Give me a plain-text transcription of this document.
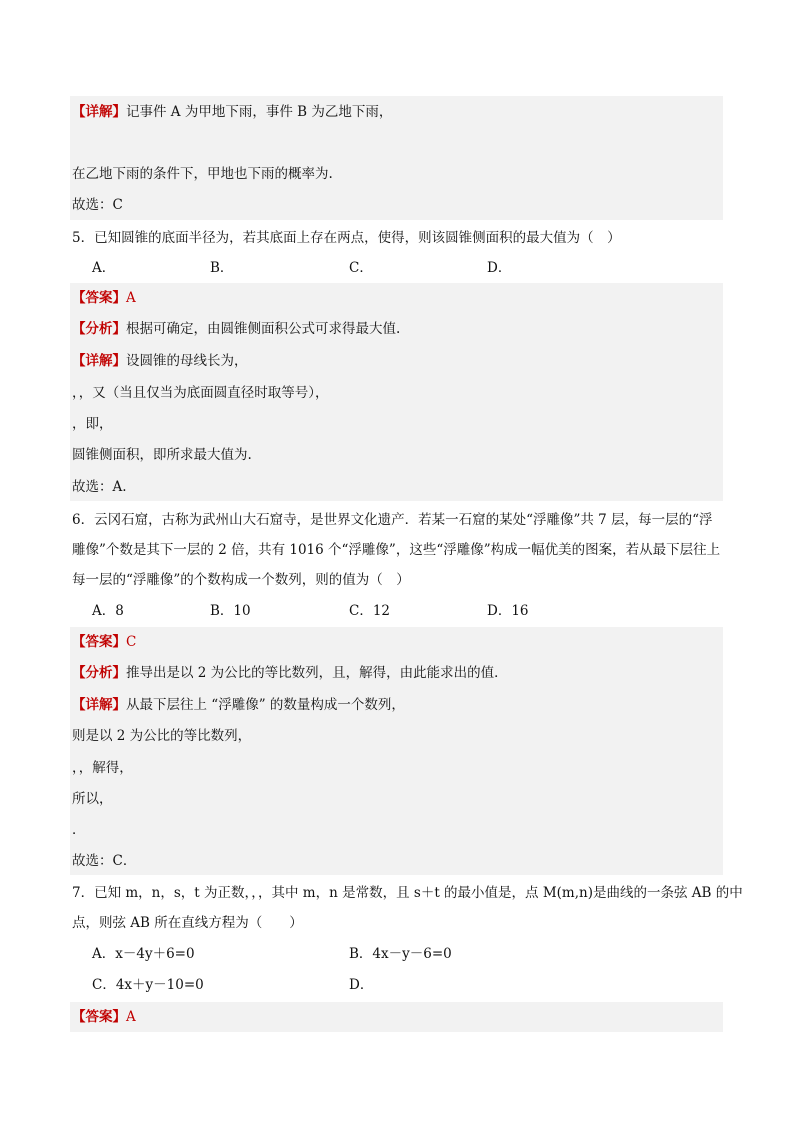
【详解】记事件 A 为甲地下雨，事件 B 为乙地下雨，
在乙地下雨的条件下，甲地也下雨的概率为.
故选：C
5．已知圆锥的底面半径为，若其底面上存在两点，使得，则该圆锥侧面积的最大值为（　）
A．	B．	C．	D．
【答案】A
【分析】根据可确定，由圆锥侧面积公式可求得最大值.
【详解】设圆锥的母线长为，
，，又（当且仅当为底面圆直径时取等号），
，即，
圆锥侧面积，即所求最大值为.
故选：A.
6．云冈石窟，古称为武州山大石窟寺，是世界文化遗产．若某一石窟的某处“浮雕像”共 7 层，每一层的“浮
雕像”个数是其下一层的 2 倍，共有 1016 个“浮雕像”，这些“浮雕像”构成一幅优美的图案，若从最下层往上
每一层的“浮雕像”的个数构成一个数列，则的值为（　）
A．8	B．10	C．12	D．16
【答案】C
【分析】推导出是以 2 为公比的等比数列，且，解得，由此能求出的值．
【详解】从最下层往上 “浮雕像” 的数量构成一个数列，
则是以 2 为公比的等比数列，
，，解得，
所以，
．
故选：C．
7．已知 m，n，s，t 为正数，，，其中 m，n 是常数，且 s＋t 的最小值是，点 M(m,n)是曲线的一条弦 AB 的中
点，则弦 AB 所在直线方程为（　　）
A．x－4y＋6=0	B．4x－y－6=0
C．4x＋y－10=0	D．
【答案】A
